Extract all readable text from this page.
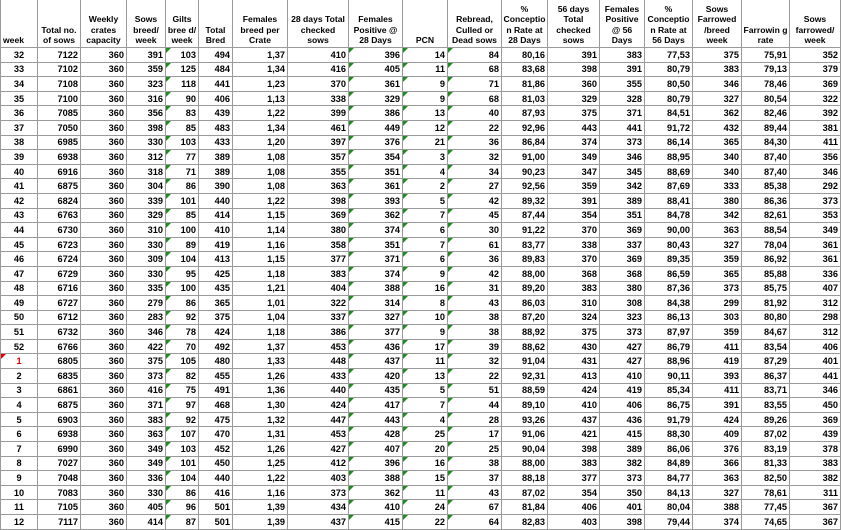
week	Total no. of sows	Weekly crates capacity	Sows breed/ week	Gilts bree d/ week	Total Bred	Females breed per Crate	28 days Total checked sows	Females Positive @ 28 Days	PCN	Rebread, Culled or Dead sows	% Conceptio n Rate at 28 Days	56 days Total checked sows	Females Positive @ 56 Days	% Conceptio n Rate at 56 Days	Sows Farrowed /breed week	Farrowin g rate	Sows farrowed/ week
32	7122	360	391	103	494	1,37	410	396	14	84	80,16	391	383	77,53	375	75,91	352
33	7102	360	359	125	484	1,34	416	405	11	68	83,68	398	391	80,79	383	79,13	379
34	7108	360	323	118	441	1,23	370	361	9	71	81,86	360	355	80,50	346	78,46	369
35	7100	360	316	90	406	1,13	338	329	9	68	81,03	329	328	80,79	327	80,54	322
36	7085	360	356	83	439	1,22	399	386	13	40	87,93	375	371	84,51	362	82,46	392
37	7050	360	398	85	483	1,34	461	449	12	22	92,96	443	441	91,72	432	89,44	381
38	6985	360	330	103	433	1,20	397	376	21	36	86,84	374	373	86,14	365	84,30	411
39	6938	360	312	77	389	1,08	357	354	3	32	91,00	349	346	88,95	340	87,40	356
40	6916	360	318	71	389	1,08	355	351	4	34	90,23	347	345	88,69	340	87,40	346
41	6875	360	304	86	390	1,08	363	361	2	27	92,56	359	342	87,69	333	85,38	292
42	6824	360	339	101	440	1,22	398	393	5	42	89,32	391	389	88,41	380	86,36	373
43	6763	360	329	85	414	1,15	369	362	7	45	87,44	354	351	84,78	342	82,61	353
44	6730	360	310	100	410	1,14	380	374	6	30	91,22	370	369	90,00	363	88,54	349
45	6723	360	330	89	419	1,16	358	351	7	61	83,77	338	337	80,43	327	78,04	361
46	6724	360	309	104	413	1,15	377	371	6	36	89,83	370	369	89,35	359	86,92	361
47	6729	360	330	95	425	1,18	383	374	9	42	88,00	368	368	86,59	365	85,88	336
48	6716	360	335	100	435	1,21	404	388	16	31	89,20	383	380	87,36	373	85,75	407
49	6727	360	279	86	365	1,01	322	314	8	43	86,03	310	308	84,38	299	81,92	312
50	6712	360	283	92	375	1,04	337	327	10	38	87,20	324	323	86,13	303	80,80	298
51	6732	360	346	78	424	1,18	386	377	9	38	88,92	375	373	87,97	359	84,67	312
52	6766	360	422	70	492	1,37	453	436	17	39	88,62	430	427	86,79	411	83,54	406
1	6805	360	375	105	480	1,33	448	437	11	32	91,04	431	427	88,96	419	87,29	401
2	6835	360	373	82	455	1,26	433	420	13	22	92,31	413	410	90,11	393	86,37	441
3	6861	360	416	75	491	1,36	440	435	5	51	88,59	424	419	85,34	411	83,71	346
4	6875	360	371	97	468	1,30	424	417	7	44	89,10	410	406	86,75	391	83,55	450
5	6903	360	383	92	475	1,32	447	443	4	28	93,26	437	436	91,79	424	89,26	369
6	6938	360	363	107	470	1,31	453	428	25	17	91,06	421	415	88,30	409	87,02	439
7	6990	360	349	103	452	1,26	427	407	20	25	90,04	398	389	86,06	376	83,19	378
8	7027	360	349	101	450	1,25	412	396	16	38	88,00	383	382	84,89	366	81,33	383
9	7048	360	336	104	440	1,22	403	388	15	37	88,18	377	373	84,77	363	82,50	382
10	7083	360	330	86	416	1,16	373	362	11	43	87,02	354	350	84,13	327	78,61	311
11	7105	360	405	96	501	1,39	434	410	24	67	81,84	406	401	80,04	388	77,45	367
12	7117	360	414	87	501	1,39	437	415	22	64	82,83	403	398	79,44	374	74,65	367
